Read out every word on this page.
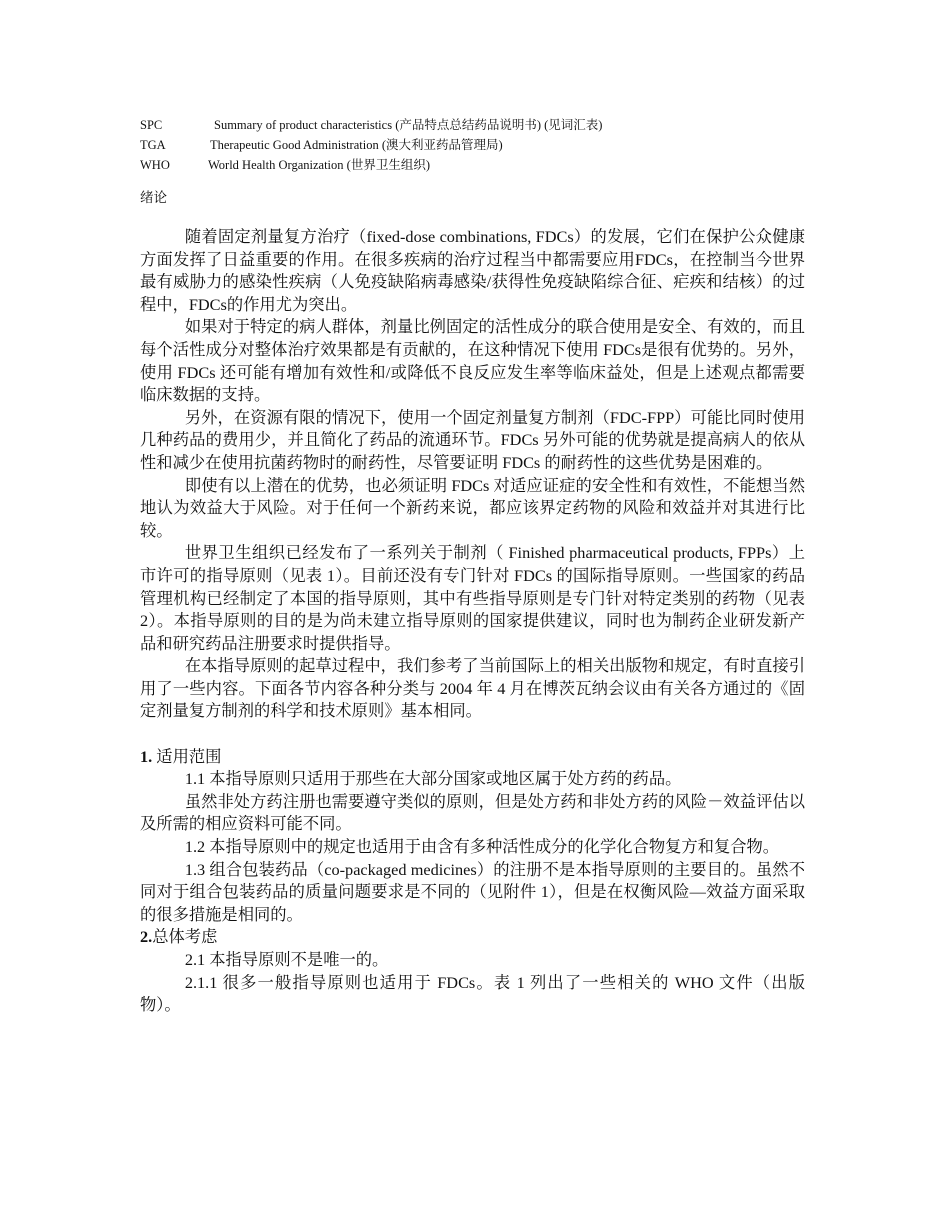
SPC	Summary of product characteristics (产品特点总结药品说明书) (见词汇表)
TGA	Therapeutic Good Administration (澳大利亚药品管理局)
WHO	World Health Organization (世界卫生组织)
绪论

随着固定剂量复方治疗（fixed-dose combinations, FDCs）的发展，它们在保护公众健康方面发挥了日益重要的作用。在很多疾病的治疗过程当中都需要应用FDCs，在控制当今世界最有威胁力的感染性疾病（人免疫缺陷病毒感染/获得性免疫缺陷综合征、疟疾和结核）的过程中，FDCs的作用尤为突出。

如果对于特定的病人群体，剂量比例固定的活性成分的联合使用是安全、有效的，而且每个活性成分对整体治疗效果都是有贡献的，在这种情况下使用 FDCs是很有优势的。另外，使用 FDCs 还可能有增加有效性和/或降低不良反应发生率等临床益处，但是上述观点都需要临床数据的支持。

另外，在资源有限的情况下，使用一个固定剂量复方制剂（FDC-FPP）可能比同时使用几种药品的费用少，并且简化了药品的流通环节。FDCs 另外可能的优势就是提高病人的依从性和减少在使用抗菌药物时的耐药性，尽管要证明 FDCs 的耐药性的这些优势是困难的。

即使有以上潜在的优势，也必须证明 FDCs 对适应证症的安全性和有效性，不能想当然地认为效益大于风险。对于任何一个新药来说，都应该界定药物的风险和效益并对其进行比较。

世界卫生组织已经发布了一系列关于制剂（ Finished pharmaceutical products, FPPs）上市许可的指导原则（见表 1）。目前还没有专门针对 FDCs 的国际指导原则。一些国家的药品管理机构已经制定了本国的指导原则，其中有些指导原则是专门针对特定类别的药物（见表 2）。本指导原则的目的是为尚未建立指导原则的国家提供建议，同时也为制药企业研发新产品和研究药品注册要求时提供指导。

在本指导原则的起草过程中，我们参考了当前国际上的相关出版物和规定，有时直接引用了一些内容。下面各节内容各种分类与 2004 年 4 月在博茨瓦纳会议由有关各方通过的《固定剂量复方制剂的科学和技术原则》基本相同。

1. 适用范围

1.1 本指导原则只适用于那些在大部分国家或地区属于处方药的药品。

虽然非处方药注册也需要遵守类似的原则，但是处方药和非处方药的风险－效益评估以及所需的相应资料可能不同。

1.2 本指导原则中的规定也适用于由含有多种活性成分的化学化合物复方和复合物。

1.3 组合包装药品（co-packaged medicines）的注册不是本指导原则的主要目的。虽然不同对于组合包装药品的质量问题要求是不同的（见附件 1），但是在权衡风险—效益方面采取的很多措施是相同的。

2.总体考虑

2.1 本指导原则不是唯一的。

2.1.1 很多一般指导原则也适用于 FDCs。表 1 列出了一些相关的 WHO 文件（出版物）。
